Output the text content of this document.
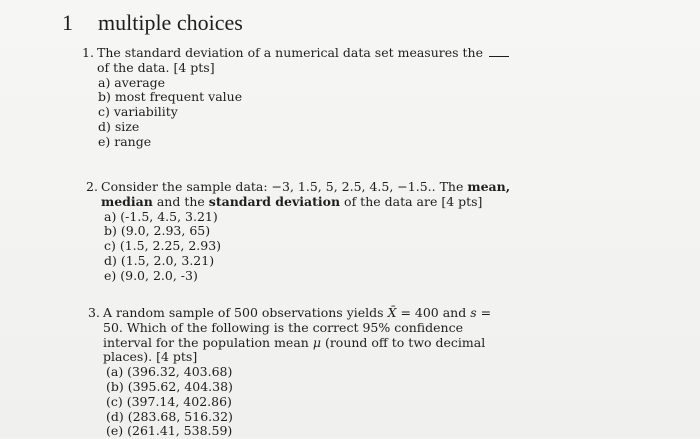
1	multiple choices
1. The standard deviation of a numerical data set measures the  of the data. [4 pts]
a) average
b) most frequent value
c) variability
d) size
e) range
2. Consider the sample data: −3, 1.5, 5, 2.5, 4.5, −1.5.. The mean, median and the standard deviation of the data are [4 pts]
a) (-1.5, 4.5, 3.21)
b) (9.0, 2.93, 65)
c) (1.5, 2.25, 2.93)
d) (1.5, 2.0, 3.21)
e) (9.0, 2.0, -3)
3. A random sample of 500 observations yields X̄ = 400 and s = 50. Which of the following is the correct 95% confidence interval for the population mean μ (round off to two decimal places). [4 pts]
(a) (396.32, 403.68)
(b) (395.62, 404.38)
(c) (397.14, 402.86)
(d) (283.68, 516.32)
(e) (261.41, 538.59)
